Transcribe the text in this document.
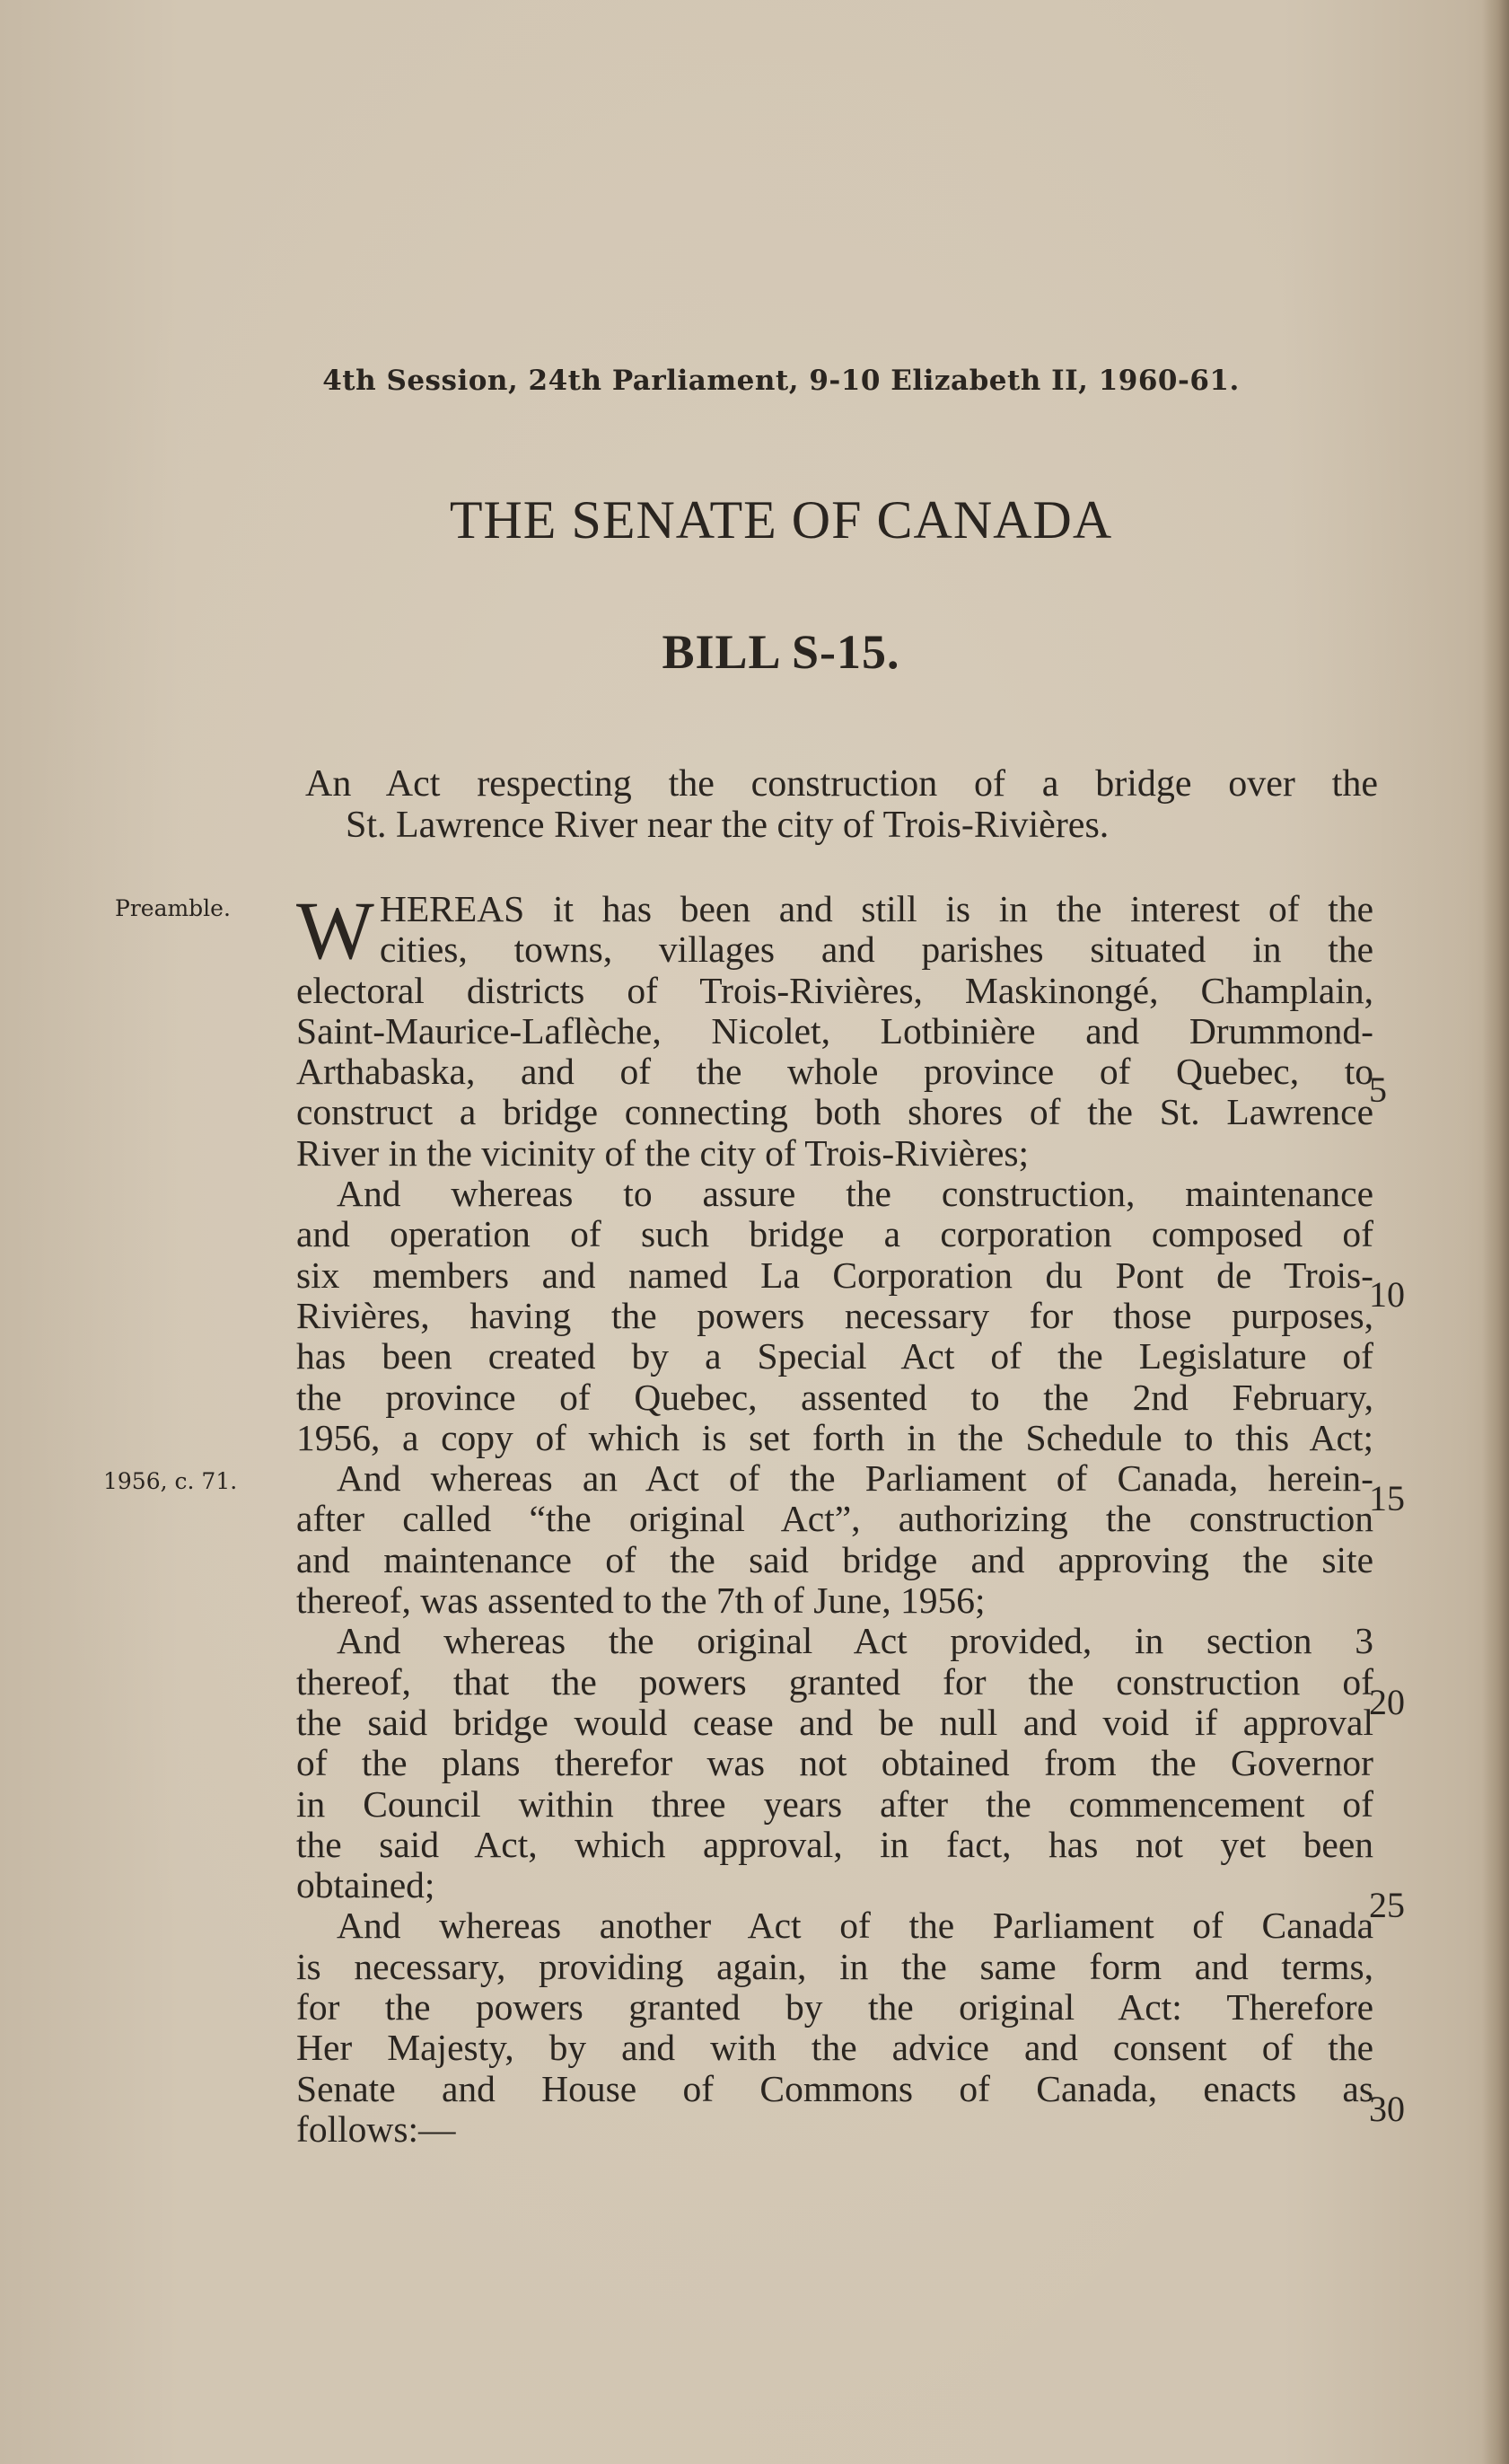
4th Session, 24th Parliament, 9-10 Elizabeth II, 1960-61.
THE SENATE OF CANADA
BILL S-15.
An Act respecting the construction of a bridge over the
St. Lawrence River near the city of Trois-Rivières.
Preamble.
1956, c. 71.
W HEREAS it has been and still is in the interest of the
cities, towns, villages and parishes situated in the
electoral districts of Trois-Rivières, Maskinongé, Champlain,
Saint-Maurice-Laflèche, Nicolet, Lotbinière and Drummond-
Arthabaska, and of the whole province of Quebec, to
construct a bridge connecting both shores of the St. Lawrence
River in the vicinity of the city of Trois-Rivières;
And whereas to assure the construction, maintenance
and operation of such bridge a corporation composed of
six members and named La Corporation du Pont de Trois-
Rivières, having the powers necessary for those purposes,
has been created by a Special Act of the Legislature of
the province of Quebec, assented to the 2nd February,
1956, a copy of which is set forth in the Schedule to this Act;
And whereas an Act of the Parliament of Canada, herein-
after called “the original Act”, authorizing the construction
and maintenance of the said bridge and approving the site
thereof, was assented to the 7th of June, 1956;
And whereas the original Act provided, in section 3
thereof, that the powers granted for the construction of
the said bridge would cease and be null and void if approval
of the plans therefor was not obtained from the Governor
in Council within three years after the commencement of
the said Act, which approval, in fact, has not yet been
obtained;
And whereas another Act of the Parliament of Canada
is necessary, providing again, in the same form and terms,
for the powers granted by the original Act: Therefore
Her Majesty, by and with the advice and consent of the
Senate and House of Commons of Canada, enacts as
follows:—
5
10
15
20
25
30
